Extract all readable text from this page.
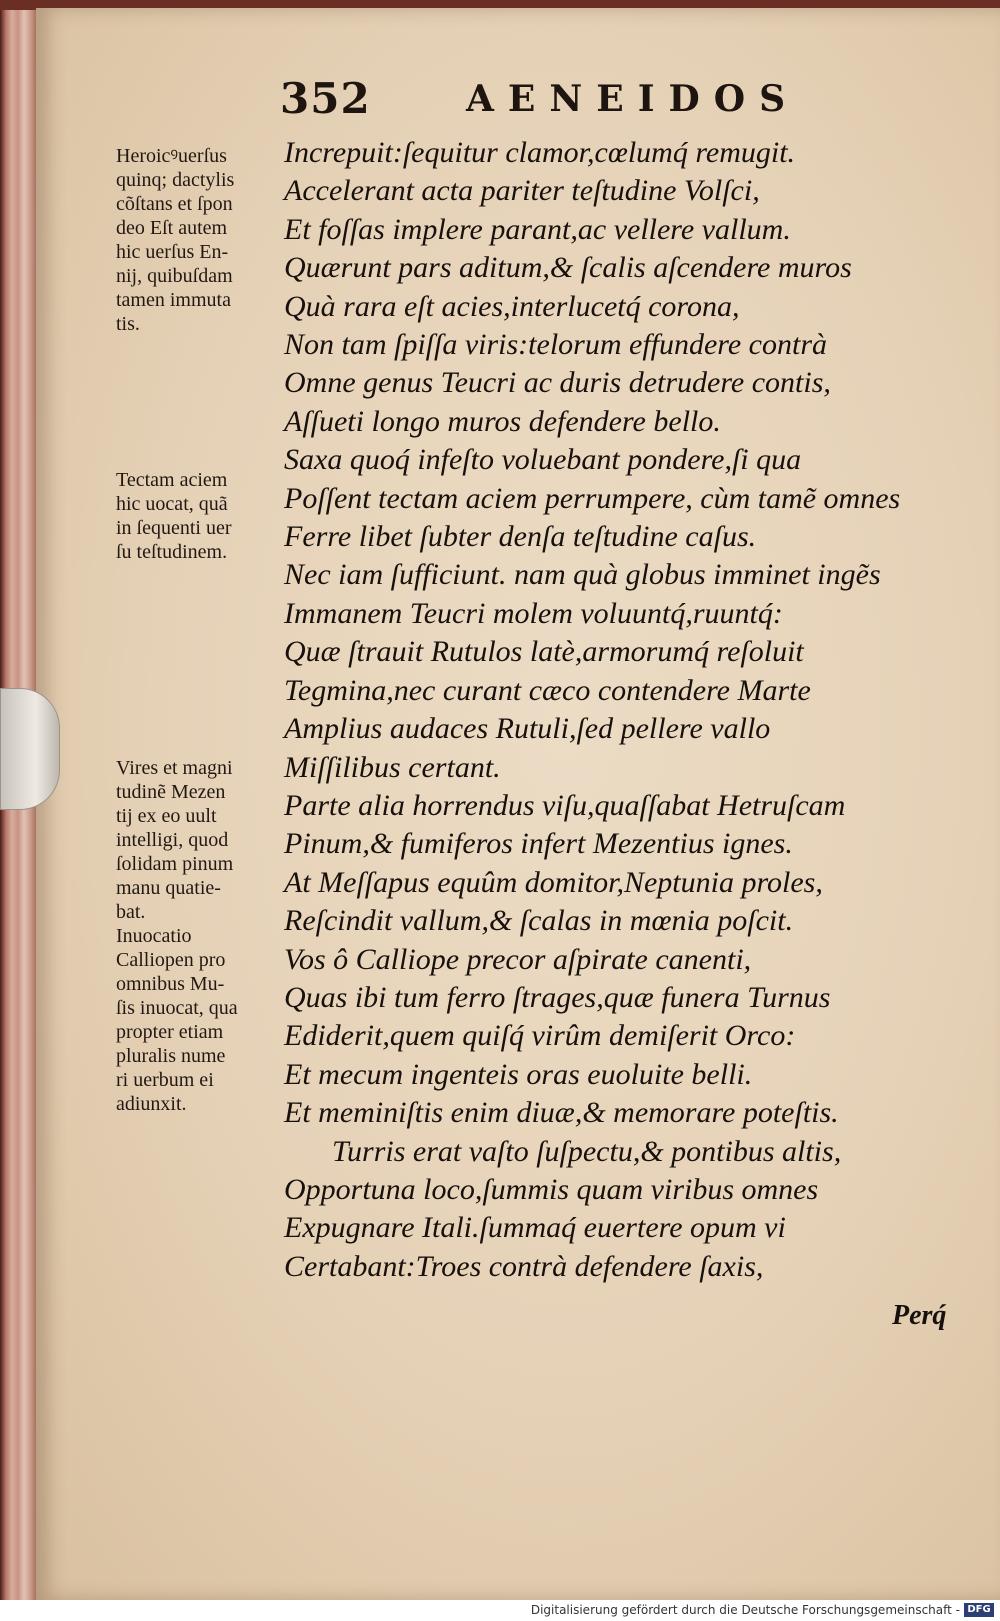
352	AENEIDOS

Heroicꝰuerſus
quinq; dactylis
cõſtans et ſpon
deo Eſt autem
hic uerſus En-
nij, quibuſdam
tamen immuta
tis.

Tectam aciem
hic uocat, quã
in ſequenti uer
ſu teſtudinem.

Vires et magni
tudinẽ Mezen
tij ex eo uult
intelligi, quod
ſolidam pinum
manu quatie-
bat.
Inuocatio
Calliopen pro
omnibus Mu-
ſis inuocat, qua
propter etiam
pluralis nume
ri uerbum ei
adiunxit.

Increpuit:ſequitur clamor,cœlumq́ remugit.
Accelerant acta pariter teſtudine Volſci,
Et foſſas implere parant,ac vellere vallum.
Quærunt pars aditum,& ſcalis aſcendere muros
Quà rara eſt acies,interlucetq́ corona,
Non tam ſpiſſa viris:telorum effundere contrà
Omne genus Teucri ac duris detrudere contis,
Aſſueti longo muros defendere bello.
Saxa quoq́ infeſto voluebant pondere,ſi qua
Poſſent tectam aciem perrumpere, cùm tamẽ omnes
Ferre libet ſubter denſa teſtudine caſus.
Nec iam ſufficiunt. nam quà globus imminet ingẽs
Immanem Teucri molem voluuntq́,ruuntq́:
Quæ ſtrauit Rutulos latè,armorumq́ reſoluit
Tegmina,nec curant cæco contendere Marte
Amplius audaces Rutuli,ſed pellere vallo
Miſſilibus certant.
Parte alia horrendus viſu,quaſſabat Hetruſcam
Pinum,& fumiferos infert Mezentius ignes.
At Meſſapus equûm domitor,Neptunia proles,
Reſcindit vallum,& ſcalas in mœnia poſcit.
Vos ô Calliope precor aſpirate canenti,
Quas ibi tum ferro ſtrages,quæ funera Turnus
Ediderit,quem quiſq́ virûm demiſerit Orco:
Et mecum ingenteis oras euoluite belli.
Et meminiſtis enim diuæ,& memorare poteſtis.
Turris erat vaſto ſuſpectu,& pontibus altis,
Opportuna loco,ſummis quam viribus omnes
Expugnare Itali.ſummaq́ euertere opum vi
Certabant:Troes contrà defendere ſaxis,
Perq́
Digitalisierung gefördert durch die Deutsche Forschungsgemeinschaft - DFG
